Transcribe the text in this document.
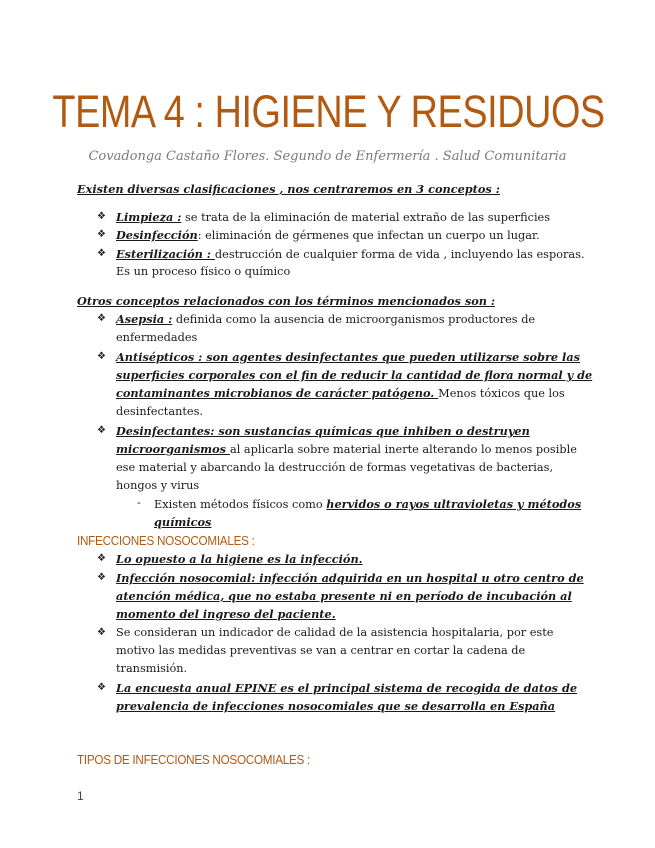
TEMA 4 : HIGIENE Y RESIDUOS
Covadonga Castaño Flores. Segundo de Enfermería . Salud Comunitaria
Existen diversas clasificaciones , nos centraremos en 3 conceptos :
❖ Limpieza : se trata de la eliminación de material extraño de las superficies
❖ Desinfección: eliminación de gérmenes que infectan un cuerpo un lugar.
❖ Esterilización : destrucción de cualquier forma de vida , incluyendo las esporas.
Es un proceso físico o químico
Otros conceptos relacionados con los términos mencionados son :
❖ Asepsia : definida como la ausencia de microorganismos productores de
enfermedades
❖ Antisépticos : son agentes desinfectantes que pueden utilizarse sobre las
superficies corporales con el fin de reducir la cantidad de flora normal y de
contaminantes microbianos de carácter patógeno. Menos tóxicos que los
desinfectantes.
❖ Desinfectantes: son sustancias químicas que inhiben o destruyen
microorganismos al aplicarla sobre material inerte alterando lo menos posible
ese material y abarcando la destrucción de formas vegetativas de bacterias,
hongos y virus
- Existen métodos físicos como hervidos o rayos ultravioletas y métodos
químicos
INFECCIONES NOSOCOMIALES :
❖ Lo opuesto a la higiene es la infección.
❖ Infección nosocomial: infección adquirida en un hospital u otro centro de
atención médica, que no estaba presente ni en período de incubación al
momento del ingreso del paciente.
❖ Se consideran un indicador de calidad de la asistencia hospitalaria, por este
motivo las medidas preventivas se van a centrar en cortar la cadena de
transmisión.
❖ La encuesta anual EPINE es el principal sistema de recogida de datos de
prevalencia de infecciones nosocomiales que se desarrolla en España
TIPOS DE INFECCIONES NOSOCOMIALES :
1
